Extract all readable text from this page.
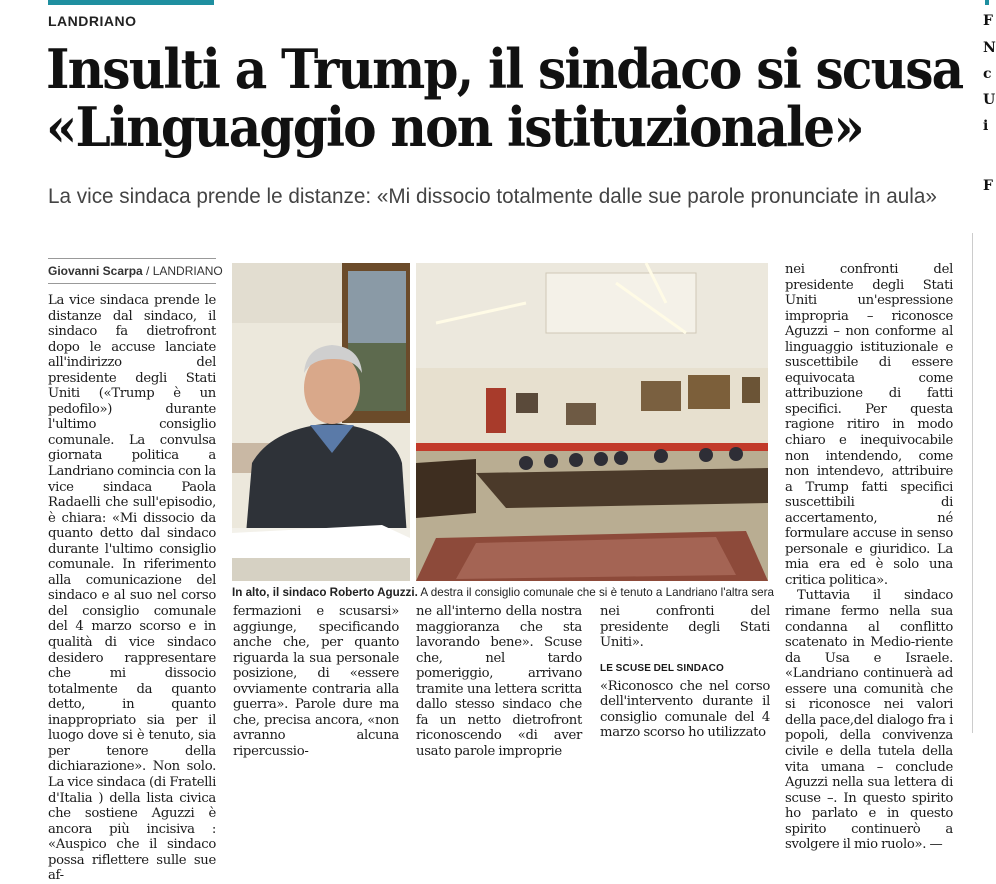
LANDRIANO
Insulti a Trump, il sindaco si scusa
«Linguaggio non istituzionale»
La vice sindaca prende le distanze: «Mi dissocio totalmente dalle sue parole pronunciate in aula»
Giovanni Scarpa / LANDRIANO

La vice sindaca prende le distanze dal sindaco, il sindaco fa dietrofront dopo le accuse lanciate all'indirizzo del presidente degli Stati Uniti («Trump è un pedofilo») durante l'ultimo consiglio comunale. La convulsa giornata politica a Landriano comincia con la vice sindaca Paola Radaelli che sull'episodio, è chiara: «Mi dissocio da quanto detto dal sindaco durante l'ultimo consiglio comunale. In riferimento alla comunicazione del sindaco e al suo nel corso del consiglio comunale del 4 marzo scorso e in qualità di vice sindaco desidero rappresentare che mi dissocio totalmente da quanto detto, in quanto inappropriato sia per il luogo dove si è tenuto, sia per tenore della dichiarazione». Non solo. La vice sindaca (di Fratelli d'Italia ) della lista civica che sostiene Aguzzi è ancora più incisiva : «Auspico che il sindaco possa riflettere sulle sue af-

In alto, il sindaco Roberto Aguzzi. A destra il consiglio comunale che si è tenuto a Landriano l'altra sera

fermazioni e scusarsi» aggiunge, specificando anche che, per quanto riguarda la sua personale posizione, di «essere ovviamente contraria alla guerra». Parole dure ma che, precisa ancora, «non avranno alcuna ripercussio-

ne all'interno della nostra maggioranza che sta lavorando bene». Scuse che, nel tardo pomeriggio, arrivano tramite una lettera scritta dallo stesso sindaco che fa un netto dietrofront riconoscendo «di aver usato parole improprie

nei confronti del presidente degli Stati Uniti».

LE SCUSE DEL SINDACO

«Riconosco che nel corso dell'intervento durante il consiglio comunale del 4 marzo scorso ho utilizzato

nei confronti del presidente degli Stati Uniti un'espressione impropria – riconosce Aguzzi – non conforme al linguaggio istituzionale e suscettibile di essere equivocata come attribuzione di fatti specifici. Per questa ragione ritiro in modo chiaro e inequivocabile non intendendo, come non intendevo, attribuire a Trump fatti specifici suscettibili di accertamento, né formulare accuse in senso personale e giuridico. La mia era ed è solo una critica politica».

Tuttavia il sindaco rimane fermo nella sua condanna al conflitto scatenato in Medio-riente da Usa e Israele. «Landriano continuerà ad essere una comunità che si riconosce nei valori della pace,del dialogo fra i popoli, della convivenza civile e della tutela della vita umana – conclude Aguzzi nella sua lettera di scuse –. In questo spirito ho parlato e in questo spirito continuerò a svolgere il mio ruolo». —

F
N
c
U
i
F
